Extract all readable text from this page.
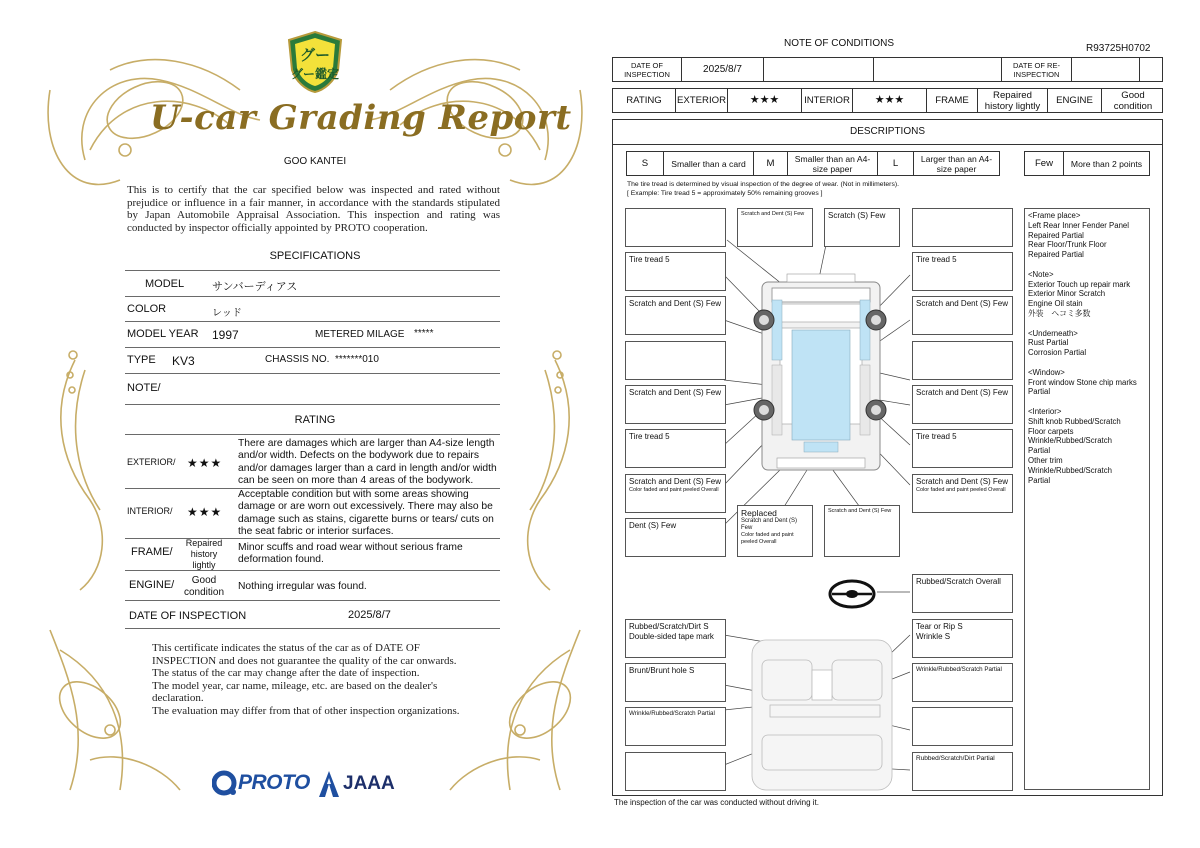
グー
グー鑑定
U-car Grading Report
GOO KANTEI
This is to certify that the car specified below was inspected and rated without prejudice or influence in a fair manner, in accordance with the standards stipulated by Japan Automobile Appraisal Association. This inspection and rating was conducted by inspector officially appointed by PROTO cooperation.
SPECIFICATIONS
MODEL	サンバーディアス
COLOR	レッド
MODEL YEAR 1997	METERED MILAGE *****
TYPE KV3	CHASSIS NO. *******010
NOTE/
RATING
EXTERIOR/ ★★★
There are damages which are larger than A4-size length and/or width. Defects on the bodywork due to repairs and/or damages larger than a card in length and/or width can be seen on more than 4 areas of the bodywork.
INTERIOR/ ★★★
Acceptable condition but with some areas showing damage or are worn out excessively. There may also be damage such as stains, cigarette burns or tears/ cuts on the seat fabric or interior surfaces.
FRAME/
Repaired history lightly
Minor scuffs and road wear without serious frame deformation found.
ENGINE/	Good condition
Nothing irregular was found.
DATE OF INSPECTION	2025/8/7
This certificate indicates the status of the car as of DATE OF
INSPECTION and does not guarantee the quality of the car onwards.
The status of the car may change after the date of inspection.
The model year, car name, mileage, etc. are based on the dealer's
declaration.
The evaluation may differ from that of other inspection organizations.
PROTO JAAA
NOTE OF CONDITIONS	R93725H0702
DATE OF INSPECTION	2025/8/7	DATE OF RE-INSPECTION
RATING	EXTERIOR	★★★	INTERIOR	★★★	FRAME	Repaired history lightly	ENGINE	Good condition
DESCRIPTIONS
S	Smaller than a card	M	Smaller than an A4-size paper	L	Larger than an A4-size paper	Few	More than 2 points
The tire tread is determined by visual inspection of the degree of wear. (Not in millimeters).
[ Example: Tire tread 5 = approximately 50% remaining grooves ]
<Frame place>
Left Rear Inner Fender Panel
Repaired Partial
Rear Floor/Trunk Floor
Repaired Partial
<Note>
Exterior Touch up repair mark
Exterior Minor Scratch
Engine Oil stain
外装　ヘコミ多数
<Underneath>
Rust Partial
Corrosion Partial
<Window>
Front window Stone chip marks
Partial
<Interior>
Shift knob Rubbed/Scratch
Floor carpets
Wrinkle/Rubbed/Scratch
Partial
Other trim
Wrinkle/Rubbed/Scratch
Partial
Scratch and Dent (S) Few	Scratch (S) Few
Tire tread 5	Tire tread 5
Scratch and Dent (S) Few	Scratch and Dent (S) Few
Scratch and Dent (S) Few	Scratch and Dent (S) Few
Tire tread 5	Tire tread 5
Scratch and Dent (S) Few
Color faded and paint peeled Overall
Scratch and Dent (S) Few
Color faded and paint peeled Overall
Dent (S) Few
Replaced
Scratch and Dent (S) Few
Color faded and paint peeled Overall
Scratch and Dent (S) Few
Rubbed/Scratch Overall
Rubbed/Scratch/Dirt S
Double-sided tape mark
Tear or Rip S
Wrinkle S
Brunt/Brunt hole S	Wrinkle/Rubbed/Scratch Partial
Wrinkle/Rubbed/Scratch Partial
Rubbed/Scratch/Dirt Partial
The inspection of the car was conducted without driving it.
